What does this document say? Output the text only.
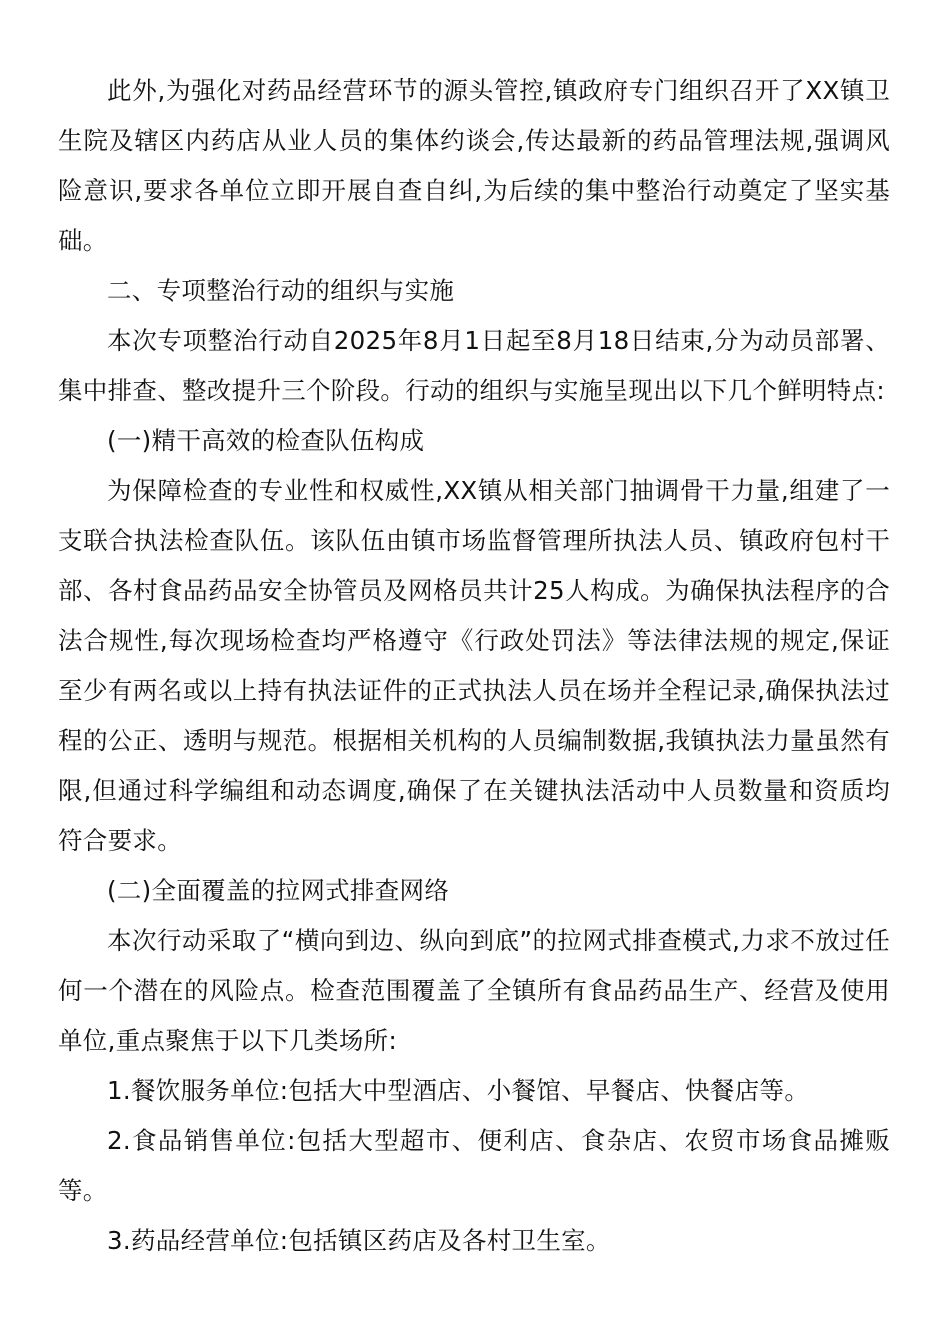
此外,为强化对药品经营环节的源头管控,镇政府专门组织召开了XX镇卫生院及辖区内药店从业人员的集体约谈会,传达最新的药品管理法规,强调风险意识,要求各单位立即开展自查自纠,为后续的集中整治行动奠定了坚实基础。

二、专项整治行动的组织与实施

本次专项整治行动自2025年8月1日起至8月18日结束,分为动员部署、集中排查、整改提升三个阶段。行动的组织与实施呈现出以下几个鲜明特点:

(一)精干高效的检查队伍构成

为保障检查的专业性和权威性,XX镇从相关部门抽调骨干力量,组建了一支联合执法检查队伍。该队伍由镇市场监督管理所执法人员、镇政府包村干部、各村食品药品安全协管员及网格员共计25人构成。为确保执法程序的合法合规性,每次现场检查均严格遵守《行政处罚法》等法律法规的规定,保证至少有两名或以上持有执法证件的正式执法人员在场并全程记录,确保执法过程的公正、透明与规范。根据相关机构的人员编制数据,我镇执法力量虽然有限,但通过科学编组和动态调度,确保了在关键执法活动中人员数量和资质均符合要求。

(二)全面覆盖的拉网式排查网络

本次行动采取了“横向到边、纵向到底”的拉网式排查模式,力求不放过任何一个潜在的风险点。检查范围覆盖了全镇所有食品药品生产、经营及使用单位,重点聚焦于以下几类场所:

1.餐饮服务单位:包括大中型酒店、小餐馆、早餐店、快餐店等。

2.食品销售单位:包括大型超市、便利店、食杂店、农贸市场食品摊贩等。

3.药品经营单位:包括镇区药店及各村卫生室。
